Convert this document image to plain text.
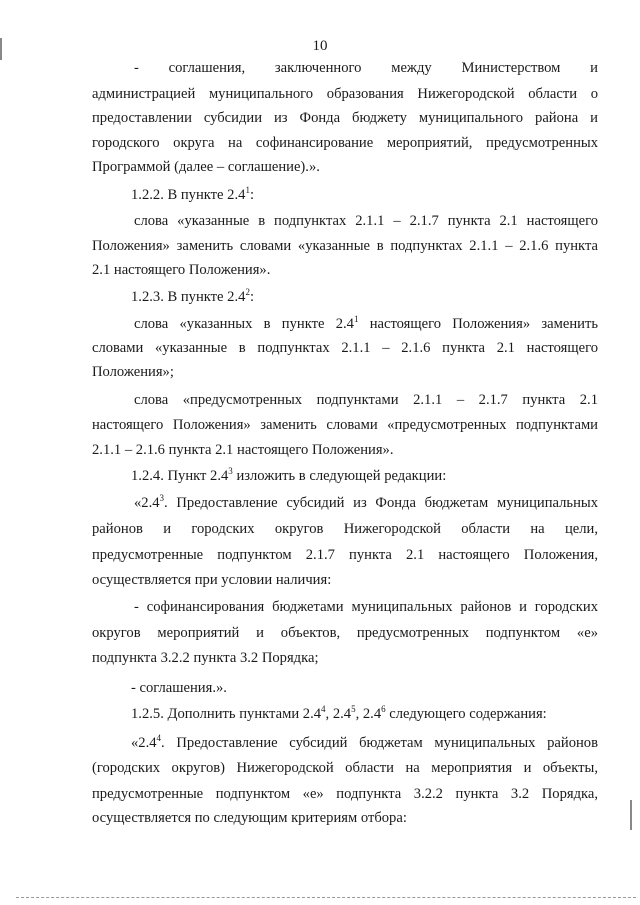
10
- соглашения, заключенного между Министерством и
администрацией муниципального образования Нижегородской области о
предоставлении субсидии из Фонда бюджету муниципального района и
городского округа на софинансирование мероприятий, предусмотренных
Программой (далее – соглашение).».
1.2.2. В пункте $2.4^1$:
слова «указанные в подпунктах 2.1.1 – 2.1.7 пункта 2.1 настоящего
Положения» заменить словами «указанные в подпунктах 2.1.1 – 2.1.6 пункта
2.1 настоящего Положения».
1.2.3. В пункте $2.4^2$:
слова «указанных в пункте $2.4^1$ настоящего Положения» заменить
словами «указанные в подпунктах 2.1.1 – 2.1.6 пункта 2.1 настоящего
Положения»;
слова «предусмотренных подпунктами 2.1.1 – 2.1.7 пункта 2.1
настоящего Положения» заменить словами «предусмотренных подпунктами
2.1.1 – 2.1.6 пункта 2.1 настоящего Положения».
1.2.4. Пункт $2.4^3$ изложить в следующей редакции:
«$2.4^3$. Предоставление субсидий из Фонда бюджетам муниципальных
районов и городских округов Нижегородской области на цели,
предусмотренные подпунктом 2.1.7 пункта 2.1 настоящего Положения,
осуществляется при условии наличия:
- софинансирования бюджетами муниципальных районов и городских
округов мероприятий и объектов, предусмотренных подпунктом «е»
подпункта 3.2.2 пункта 3.2 Порядка;
- соглашения.».
1.2.5. Дополнить пунктами $2.4^4$, $2.4^5$, $2.4^6$ следующего содержания:
«$2.4^4$. Предоставление субсидий бюджетам муниципальных районов
(городских округов) Нижегородской области на мероприятия и объекты,
предусмотренные подпунктом «е» подпункта 3.2.2 пункта 3.2 Порядка,
осуществляется по следующим критериям отбора:
